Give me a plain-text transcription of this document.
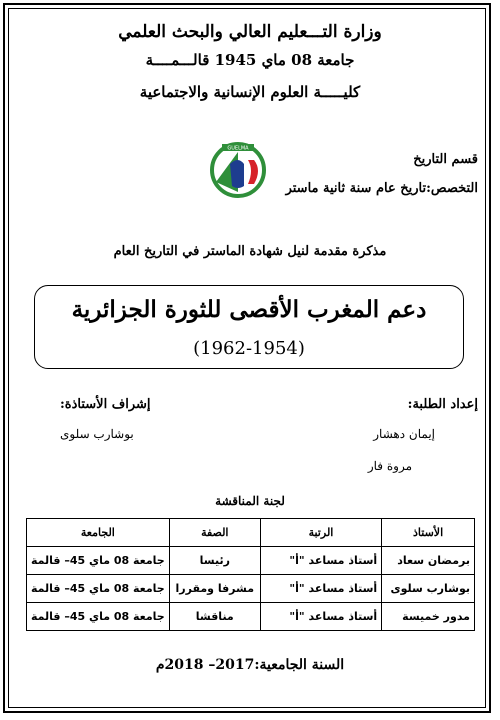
وزارة التـــعليم العالي والبحث العلمي
جامعة 08 ماي 1945 قالـــمــــة
كليـــــة العلوم الإنسانية والاجتماعية
GUELMA
قسم التاريخ
التخصص:تاريخ عام سنة ثانية ماستر
مذكرة مقدمة لنيل شهادة الماستر في التاريخ العام
دعم المغرب الأقصى للثورة الجزائرية
(1962-1954)
إعداد الطلبة:
إشراف الأستاذة:
إيمان دهشار
بوشارب سلوى
مروة فار
لجنة المناقشة
الأستاذ	الرتبة	الصفة	الجامعة
برمضان سعاد	أستاذ مساعد "أ"	رئيسا	جامعة 08 ماي 45– قالمة
بوشارب سلوى	أستاذ مساعد "أ"	مشرفا ومقررا	جامعة 08 ماي 45– قالمة
مدور خميسة	أستاذ مساعد "أ"	مناقشا	جامعة 08 ماي 45– قالمة
السنة الجامعية:2017– 2018م
